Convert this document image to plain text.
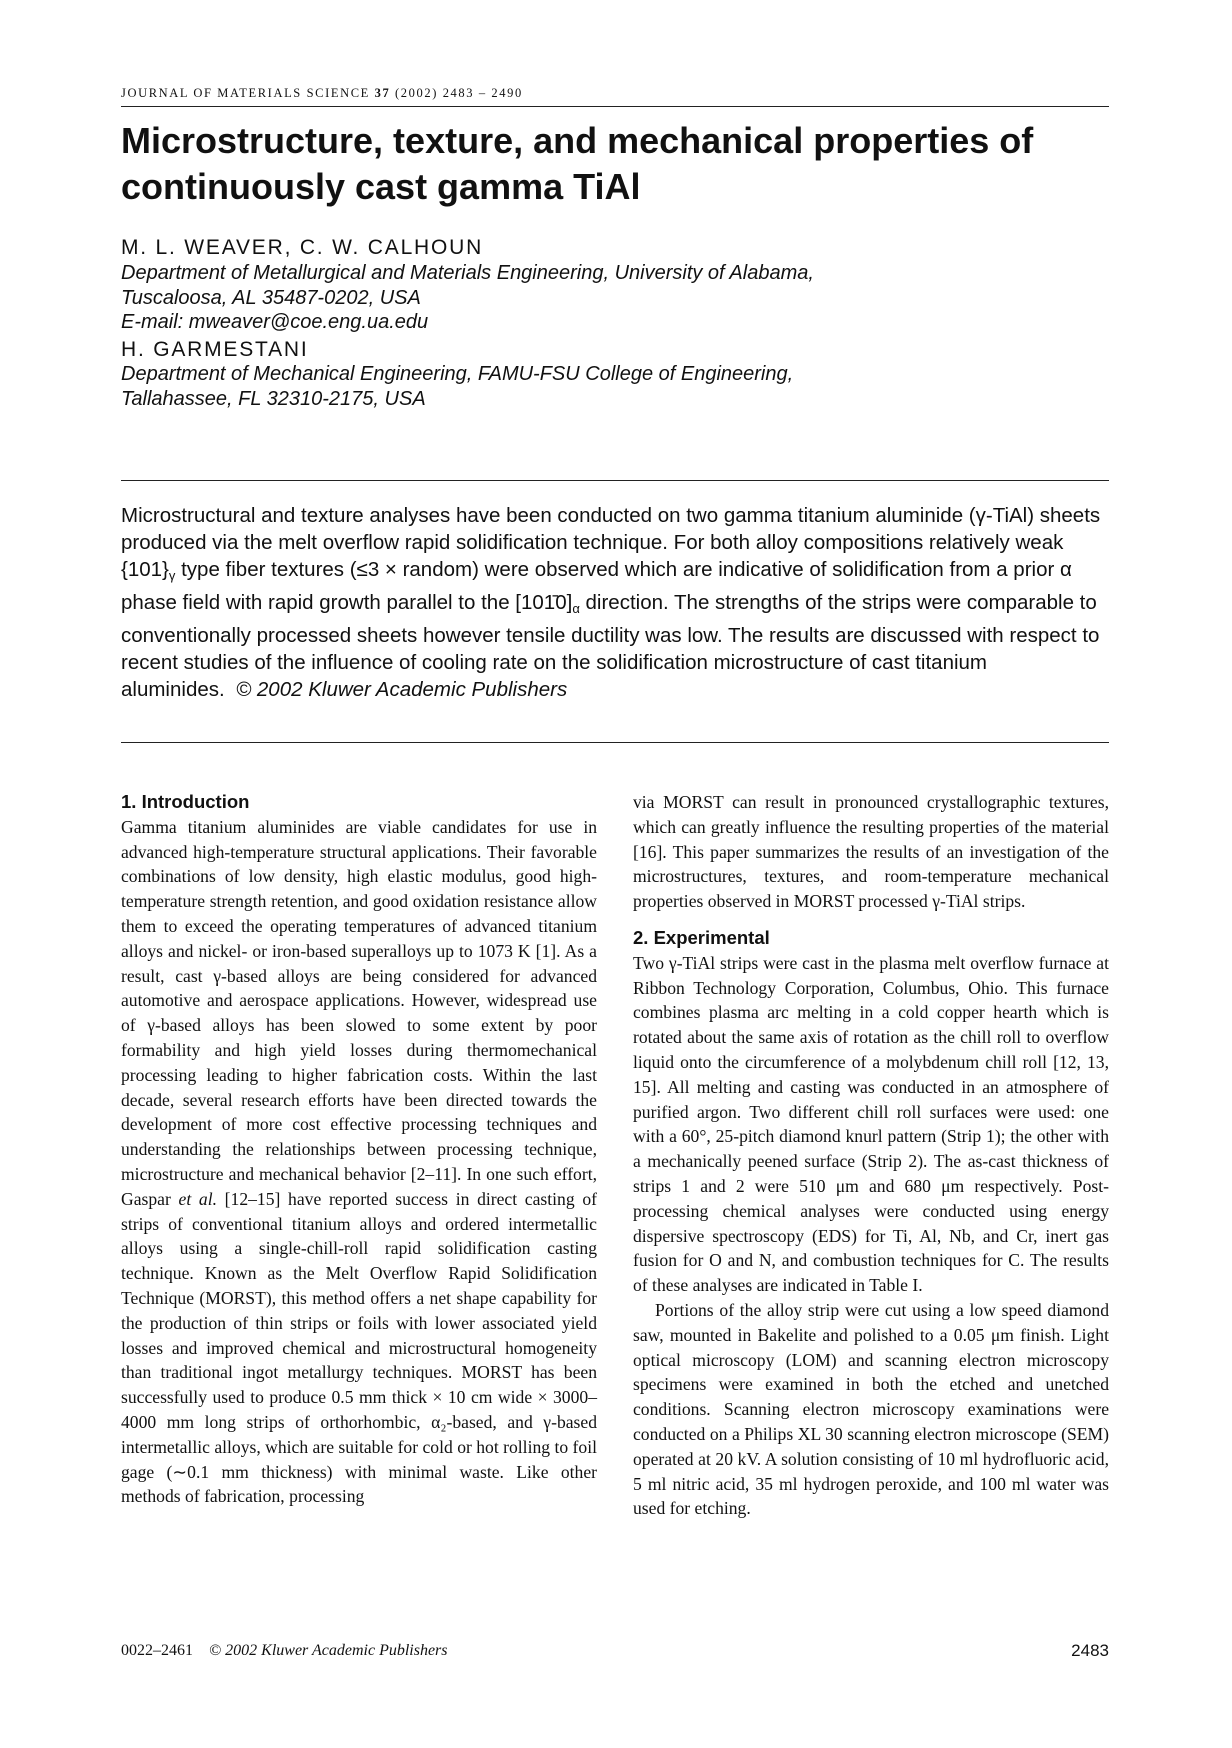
JOURNAL OF MATERIALS SCIENCE 37 (2002) 2483 – 2490
Microstructure, texture, and mechanical properties of continuously cast gamma TiAl
M. L. WEAVER, C. W. CALHOUN
Department of Metallurgical and Materials Engineering, University of Alabama,
Tuscaloosa, AL 35487-0202, USA
E-mail: mweaver@coe.eng.ua.edu
H. GARMESTANI
Department of Mechanical Engineering, FAMU-FSU College of Engineering,
Tallahassee, FL 32310-2175, USA

Microstructural and texture analyses have been conducted on two gamma titanium aluminide (γ-TiAl) sheets produced via the melt overflow rapid solidification technique. For both alloy compositions relatively weak $\{101\}_\gamma$ type fiber textures (≤3 × random) were observed which are indicative of solidification from a prior α phase field with rapid growth parallel to the $[101̄0]_\alpha$ direction. The strengths of the strips were comparable to conventionally processed sheets however tensile ductility was low. The results are discussed with respect to recent studies of the influence of cooling rate on the solidification microstructure of cast titanium aluminides. © 2002 Kluwer Academic Publishers

1. Introduction

Gamma titanium aluminides are viable candidates for use in advanced high-temperature structural applications. Their favorable combinations of low density, high elastic modulus, good high-temperature strength retention, and good oxidation resistance allow them to exceed the operating temperatures of advanced titanium alloys and nickel- or iron-based superalloys up to 1073 K [1]. As a result, cast γ-based alloys are being considered for advanced automotive and aerospace applications. However, widespread use of γ-based alloys has been slowed to some extent by poor formability and high yield losses during thermomechanical processing leading to higher fabrication costs. Within the last decade, several research efforts have been directed towards the development of more cost effective processing techniques and understanding the relationships between processing technique, microstructure and mechanical behavior [2–11]. In one such effort, Gaspar et al. [12–15] have reported success in direct casting of strips of conventional titanium alloys and ordered intermetallic alloys using a single-chill-roll rapid solidification casting technique. Known as the Melt Overflow Rapid Solidification Technique (MORST), this method offers a net shape capability for the production of thin strips or foils with lower associated yield losses and improved chemical and microstructural homogeneity than traditional ingot metallurgy techniques. MORST has been successfully used to produce 0.5 mm thick × 10 cm wide × 3000–4000 mm long strips of orthorhombic, α₂-based, and γ-based intermetallic alloys, which are suitable for cold or hot rolling to foil gage (∼0.1 mm thickness) with minimal waste. Like other methods of fabrication, processing

via MORST can result in pronounced crystallographic textures, which can greatly influence the resulting properties of the material [16]. This paper summarizes the results of an investigation of the microstructures, textures, and room-temperature mechanical properties observed in MORST processed γ-TiAl strips.

2. Experimental

Two γ-TiAl strips were cast in the plasma melt overflow furnace at Ribbon Technology Corporation, Columbus, Ohio. This furnace combines plasma arc melting in a cold copper hearth which is rotated about the same axis of rotation as the chill roll to overflow liquid onto the circumference of a molybdenum chill roll [12, 13, 15]. All melting and casting was conducted in an atmosphere of purified argon. Two different chill roll surfaces were used: one with a 60°, 25-pitch diamond knurl pattern (Strip 1); the other with a mechanically peened surface (Strip 2). The as-cast thickness of strips 1 and 2 were 510 μm and 680 μm respectively. Post-processing chemical analyses were conducted using energy dispersive spectroscopy (EDS) for Ti, Al, Nb, and Cr, inert gas fusion for O and N, and combustion techniques for C. The results of these analyses are indicated in Table I.

Portions of the alloy strip were cut using a low speed diamond saw, mounted in Bakelite and polished to a 0.05 μm finish. Light optical microscopy (LOM) and scanning electron microscopy specimens were examined in both the etched and unetched conditions. Scanning electron microscopy examinations were conducted on a Philips XL 30 scanning electron microscope (SEM) operated at 20 kV. A solution consisting of 10 ml hydrofluoric acid, 5 ml nitric acid, 35 ml hydrogen peroxide, and 100 ml water was used for etching.

0022–2461 © 2002 Kluwer Academic Publishers	2483
